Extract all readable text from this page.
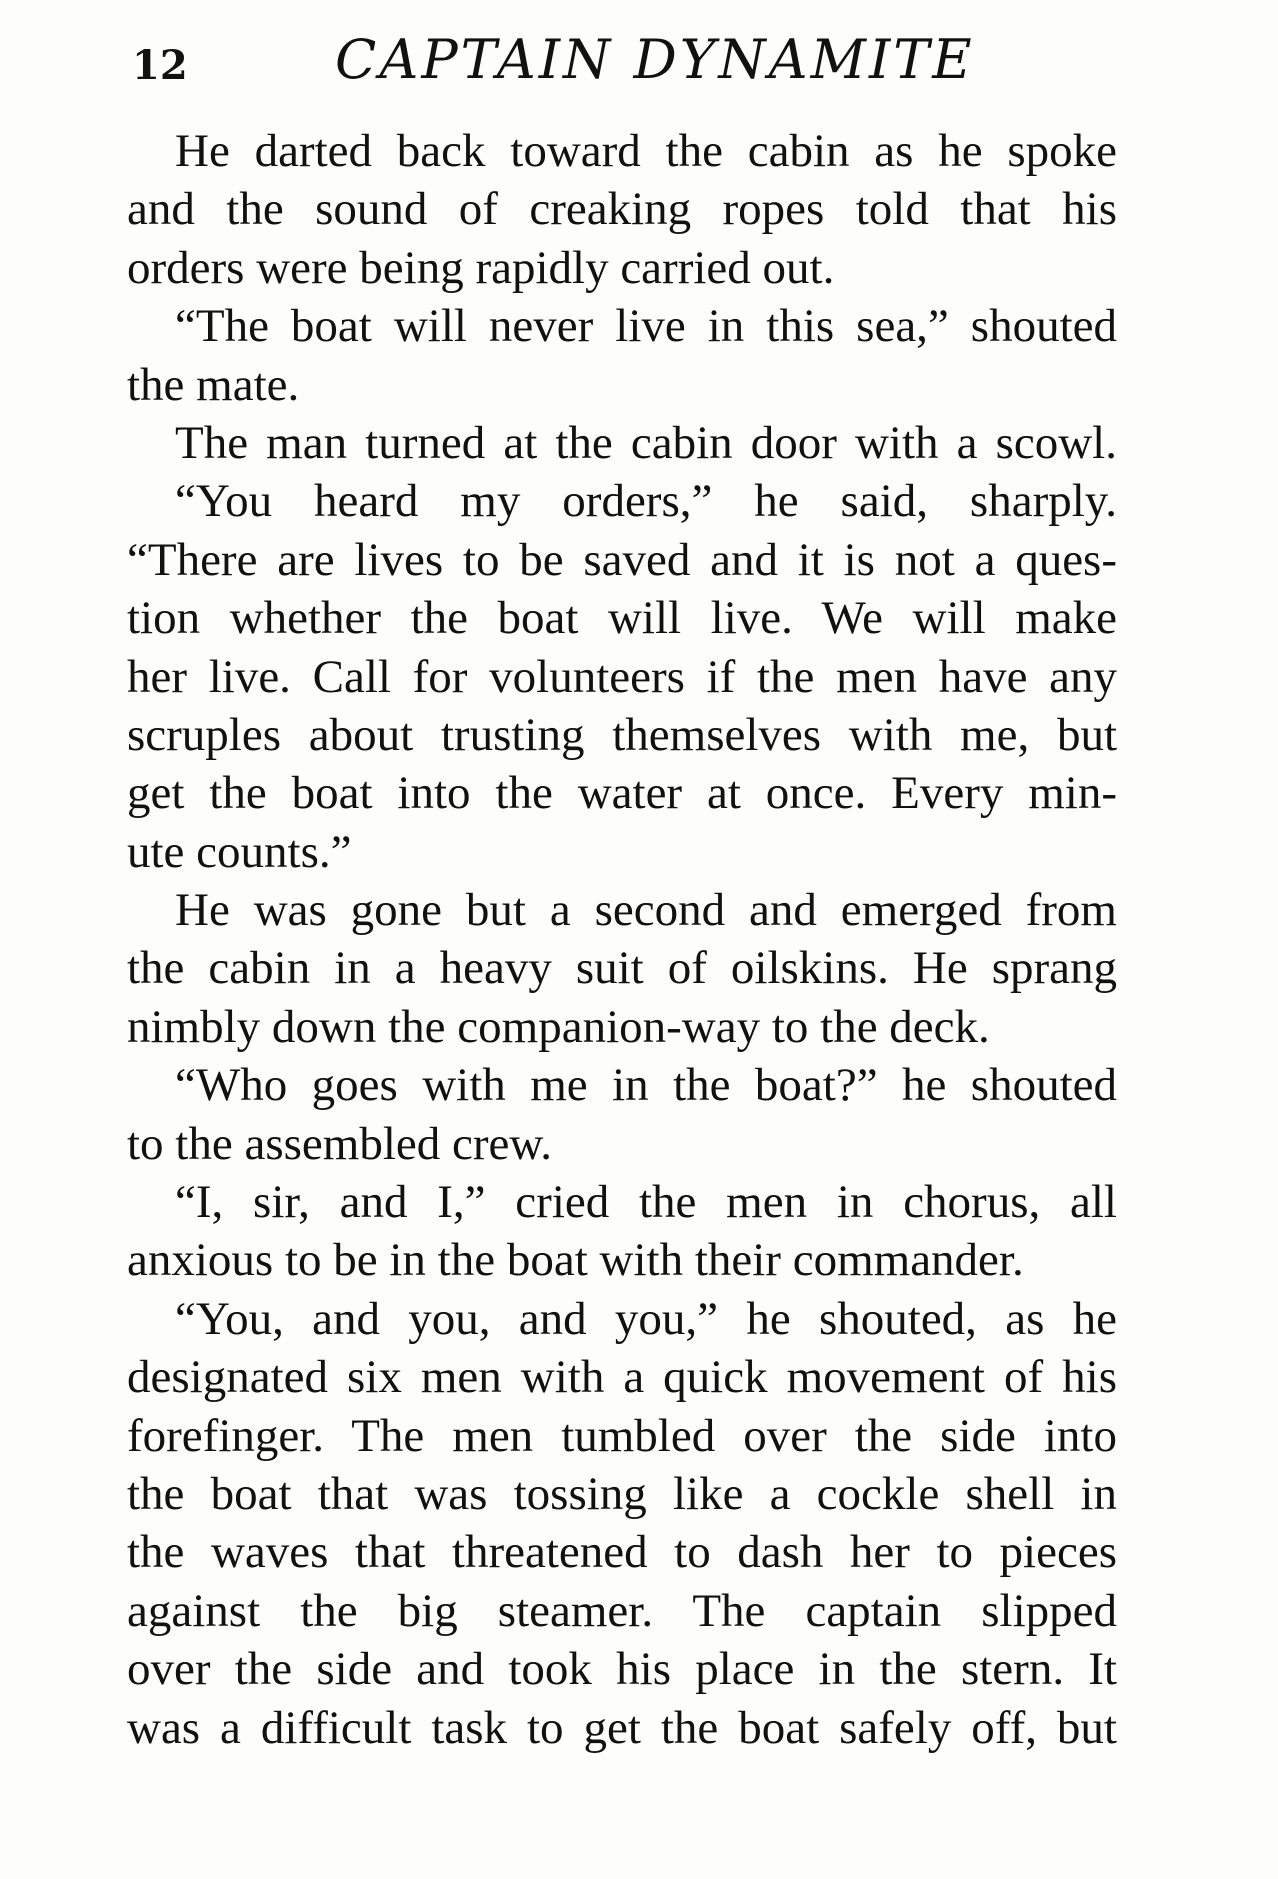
12	CAPTAIN DYNAMITE
He darted back toward the cabin as he spoke
and the sound of creaking ropes told that his
orders were being rapidly carried out.
“The boat will never live in this sea,” shouted
the mate.
The man turned at the cabin door with a scowl.
“You heard my orders,” he said, sharply.
“There are lives to be saved and it is not a ques-
tion whether the boat will live. We will make
her live. Call for volunteers if the men have any
scruples about trusting themselves with me, but
get the boat into the water at once. Every min-
ute counts.”
He was gone but a second and emerged from
the cabin in a heavy suit of oilskins. He sprang
nimbly down the companion-way to the deck.
“Who goes with me in the boat?” he shouted
to the assembled crew.
“I, sir, and I,” cried the men in chorus, all
anxious to be in the boat with their commander.
“You, and you, and you,” he shouted, as he
designated six men with a quick movement of his
forefinger. The men tumbled over the side into
the boat that was tossing like a cockle shell in
the waves that threatened to dash her to pieces
against the big steamer. The captain slipped
over the side and took his place in the stern. It
was a difficult task to get the boat safely off, but
